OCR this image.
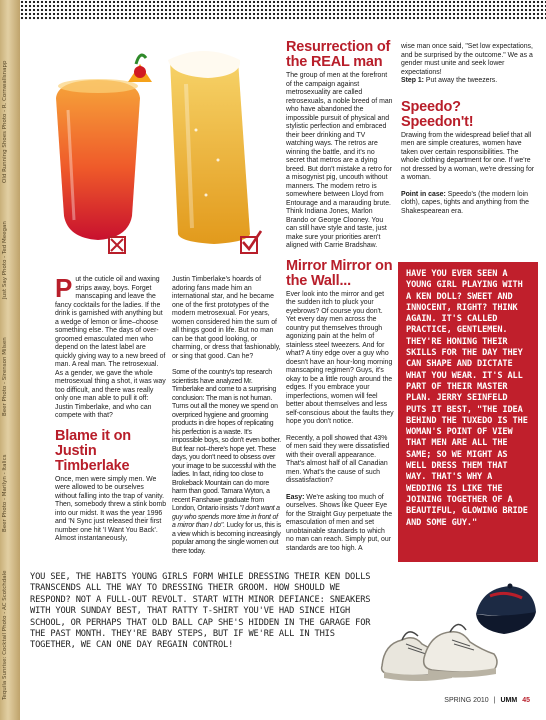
Tequila Sunrise: Cocktail Photo - AC Scotchdale
Beer Photo - Marilyn - Italics
Beer Photo - Sirenson Milsen
Just Say Photo - Ted Meegan
Old Running Shoes Photo - R. Cornwallsnapp

Put the cuticle oil and waxing strips away, boys. Forget manscaping and leave the fancy cocktails for the ladies. If the drink is garnished with anything but a wedge of lemon or lime–choose something else. The days of over-groomed emasculated men who depend on the latest label are quickly giving way to a new breed of man. A real man. The retrosexual. As a gender, we gave the whole metrosexual thing a shot, it was way too difficult, and there was really only one man able to pull it off: Justin Timberlake, and who can compete with that?

Blame it on Justin Timberlake

Once, men were simply men. We were allowed to be ourselves without falling into the trap of vanity. Then, somebody threw a stink bomb into our midst. It was the year 1996 and 'N Sync just released their first number one hit 'I Want You Back'. Almost instantaneously,

Justin Timberlake's hoards of adoring fans made him an international star, and he became one of the first prototypes of the modern metrosexual. For years, women considered him the sum of all things good in life. But no man can be that good looking, or charming, or dress that fashionably, or sing that good. Can he?

Some of the country's top research scientists have analyzed Mr. Timberlake and come to a surprising conclusion: The man is not human. Turns out all the money we spend on overpriced hygiene and grooming products in dire hopes of replicating his perfection is a waste. It's impossible boys, so don't even bother. But fear not–there's hope yet. These days, you don't need to obsess over your image to be successful with the ladies. In fact, riding too close to Brokeback Mountain can do more harm than good. Tamara Wyton, a recent Fanshawe graduate from London, Ontario insists "I don't want a guy who spends more time in front of a mirror than I do". Lucky for us, this is a view which is becoming increasingly popular among the single women out there today.

Resurrection of the REAL man

The group of men at the forefront of the campaign against metrosexuality are called retrosexuals, a noble breed of man who have abandoned the impossible pursuit of physical and stylistic perfection and embraced their beer drinking and TV watching ways. The retros are winning the battle, and it's no secret that metros are a dying breed. But don't mistake a retro for a misogynist pig, uncouth without manners. The modern retro is somewhere between Lloyd from Entourage and a marauding brute. Think Indiana Jones, Marlon Brando or George Clooney. You can still have style and taste, just make sure your priorities aren't aligned with Carrie Bradshaw.

Mirror Mirror on the Wall...

Ever look into the mirror and get the sudden itch to pluck your eyebrows? Of course you don't. Yet every day men across the country put themselves through agonizing pain at the helm of stainless steel tweezers. And for what? A tiny edge over a guy who doesn't have an hour-long morning manscaping regimen? Guys, it's okay to be a little rough around the edges. If you embrace your imperfections, women will feel better about themselves and less self-conscious about the faults they hope you don't notice.

Recently, a poll showed that 43% of men said they were dissatisfied with their overall appearance. That's almost half of all Canadian men. What's the cause of such dissatisfaction?

Easy: We're asking too much of ourselves. Shows like Queer Eye for the Straight Guy perpetuate the emasculation of men and set unobtainable standards to which no man can reach. Simply put, our standards are too high. A

wise man once said, "Set low expectations, and be surprised by the outcome." We as a gender must unite and seek lower expectations!
Step 1: Put away the tweezers.

Speedo? Speedon't!

Drawing from the widespread belief that all men are simple creatures, women have taken over certain responsibilities. The whole clothing department for one. If we're not dressed by a woman, we're dressing for a woman.

Point in case: Speedo's (the modern loin cloth), capes, tights and anything from the Shakespearean era.

HAVE YOU EVER SEEN A YOUNG GIRL PLAYING WITH A KEN DOLL? SWEET AND INNOCENT, RIGHT? THINK AGAIN. IT'S CALLED PRACTICE, GENTLEMEN. THEY'RE HONING THEIR SKILLS FOR THE DAY THEY CAN SHAPE AND DICTATE WHAT YOU WEAR. IT'S ALL PART OF THEIR MASTER PLAN. JERRY SEINFELD PUTS IT BEST, "THE IDEA BEHIND THE TUXEDO IS THE WOMAN'S POINT OF VIEW THAT MEN ARE ALL THE SAME; SO WE MIGHT AS WELL DRESS THEM THAT WAY. THAT'S WHY A WEDDING IS LIKE THE JOINING TOGETHER OF A BEAUTIFUL, GLOWING BRIDE AND SOME GUY."
YOU SEE, THE HABITS YOUNG GIRLS FORM WHILE DRESSING THEIR KEN DOLLS TRANSCENDS ALL THE WAY TO DRESSING THEIR GROOM. HOW SHOULD WE RESPOND? NOT A FULL-OUT REVOLT. START WITH MINOR DEFIANCE: SNEAKERS WITH YOUR SUNDAY BEST, THAT RATTY T-SHIRT YOU'VE HAD SINCE HIGH SCHOOL, OR PERHAPS THAT OLD BALL CAP SHE'S HIDDEN IN THE GARAGE FOR THE PAST MONTH. THEY'RE BABY STEPS, BUT IF WE'RE ALL IN THIS TOGETHER, WE CAN ONE DAY REGAIN CONTROL!
SPRING 2010 | UMM 45
